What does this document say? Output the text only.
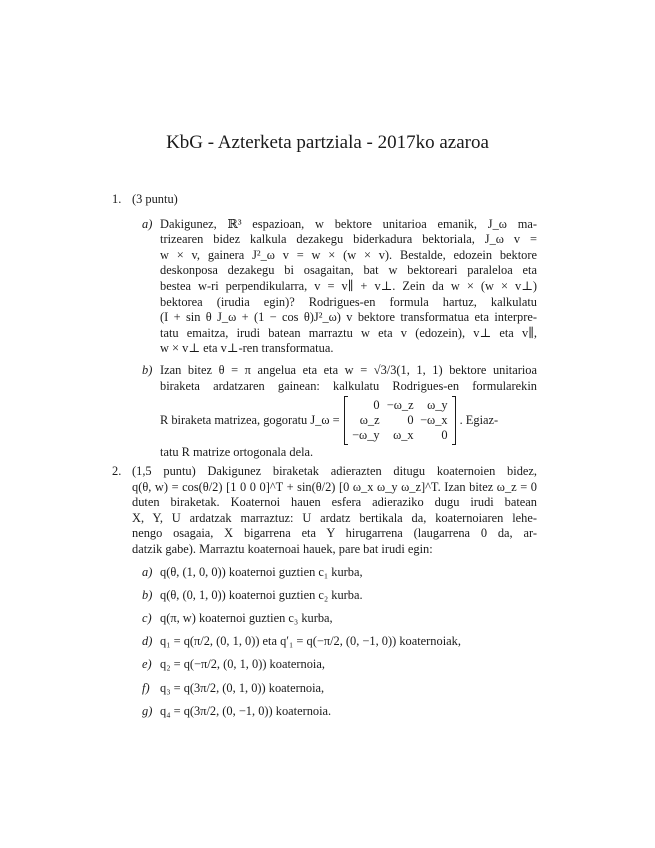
KbG - Azterketa partziala - 2017ko azaroa
1. (3 puntu)
a) Dakigunez, ℝ³ espazioan, w bektore unitarioa emanik, J_ω ma-
trizearen bidez kalkula dezakegu biderkadura bektoriala, J_ω v =
w × v, gainera J²_ω v = w × (w × v). Bestalde, edozein bektore
deskonposa dezakegu bi osagaitan, bat w bektoreari paraleloa eta
bestea w-ri perpendikularra, v = v∥ + v⊥. Zein da w × (w × v⊥)
bektorea (irudia egin)? Rodrigues-en formula hartuz, kalkulatu
(I + sin θ J_ω + (1 − cos θ)J²_ω) v bektore transformatua eta interpre-
tatu emaitza, irudi batean marraztu w eta v (edozein), v⊥ eta v∥,
w × v⊥ eta v⊥-ren transformatua.
b) Izan bitez θ = π angelua eta eta w = √3/3(1, 1, 1) bektore unitarioa
biraketa ardatzaren gainean: kalkulatu Rodrigues-en formularekin
R biraketa matrizea, gogoratu J_ω =
0 −ω_z	ω_y
ω_z	0 −ω_x
−ω_y	ω_x	0
. Egiaz-
tatu R matrize ortogonala dela.
2. (1,5 puntu) Dakigunez biraketak adierazten ditugu koaternoien bidez,
q(θ, w) = cos(θ/2) [1 0 0 0]^T + sin(θ/2) [0 ω_x ω_y ω_z]^T. Izan bitez ω_z = 0
duten biraketak. Koaternoi hauen esfera adieraziko dugu irudi batean
X, Y, U ardatzak marraztuz: U ardatz bertikala da, koaternoiaren lehe-
nengo osagaia, X bigarrena eta Y hirugarrena (laugarrena 0 da, ar-
datzik gabe). Marraztu koaternoai hauek, pare bat irudi egin:
a) q(θ, (1, 0, 0)) koaternoi guztien c₁ kurba,
b) q(θ, (0, 1, 0)) koaternoi guztien c₂ kurba.
c) q(π, w) koaternoi guztien c₃ kurba,
d) q₁ = q(π/2, (0, 1, 0)) eta q′₁ = q(−π/2, (0, −1, 0)) koaternoiak,
e) q₂ = q(−π/2, (0, 1, 0)) koaternoia,
f) q₃ = q(3π/2, (0, 1, 0)) koaternoia,
g) q₄ = q(3π/2, (0, −1, 0)) koaternoia.
